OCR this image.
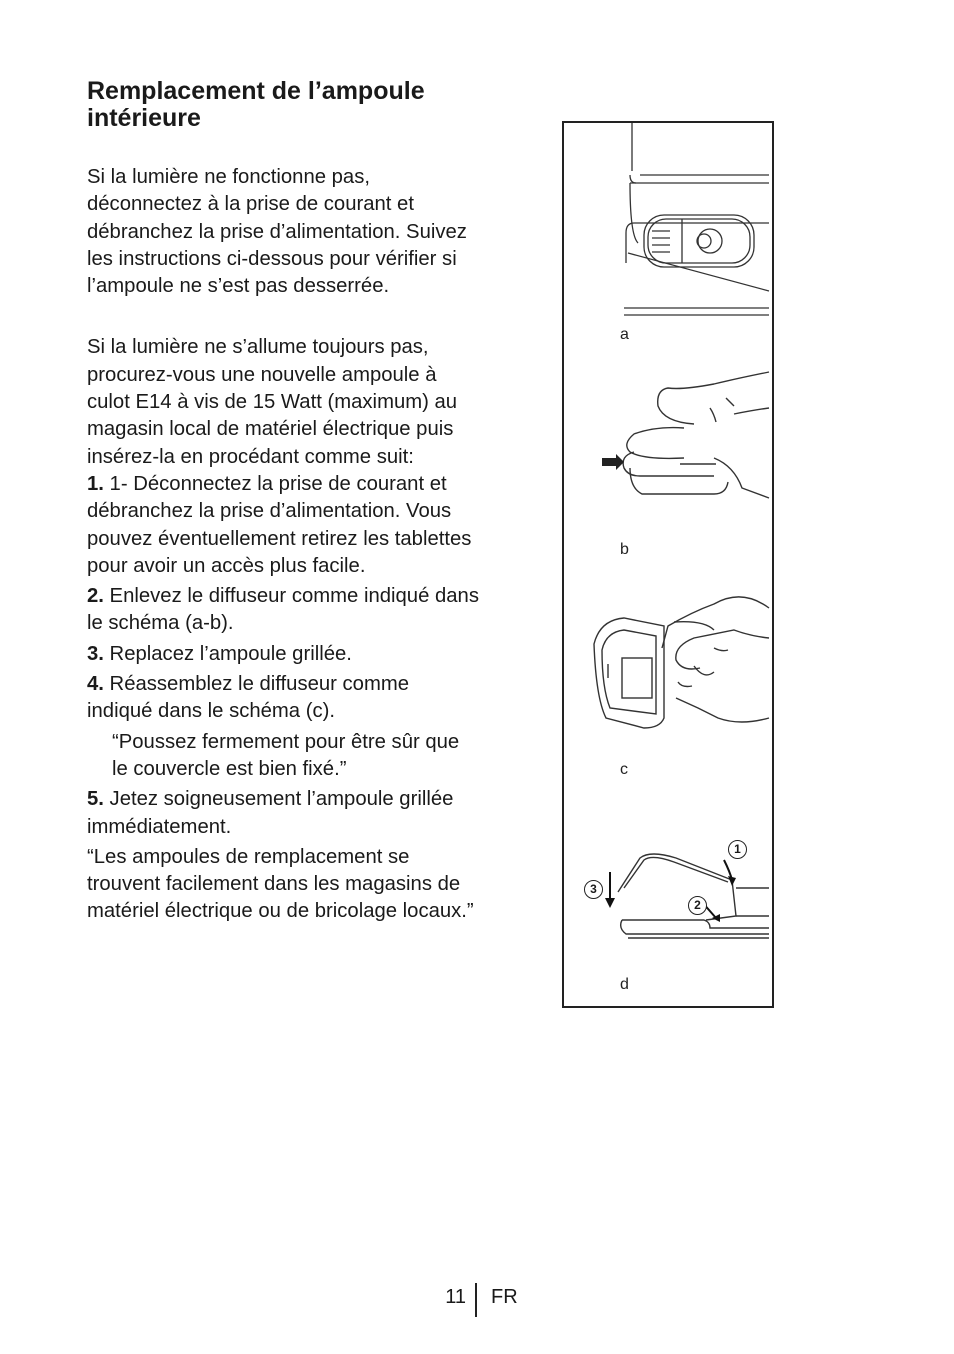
Remplacement de l’ampoule intérieure

Si la lumière ne fonctionne pas, déconnectez à la prise de courant et débranchez la prise d’alimentation. Suivez les instructions ci-dessous pour vérifier si l’ampoule ne s’est pas desserrée.

Si la lumière ne s’allume toujours pas, procurez-vous une nouvelle ampoule à culot E14 à vis de 15 Watt (maximum) au magasin local de matériel électrique puis insérez-la en procédant comme suit:

1. 1- Déconnectez la prise de courant et débranchez la prise d’alimentation. Vous pouvez éventuellement retirez les tablettes pour avoir un accès plus facile.

2. Enlevez le diffuseur comme indiqué dans le schéma (a-b).

3. Replacez l’ampoule grillée.

4. Réassemblez le diffuseur comme indiqué dans le schéma (c).

“Poussez fermement pour être sûr que le couvercle est bien fixé.”

5. Jetez soigneusement l’ampoule grillée immédiatement.

“Les ampoules de remplacement se trouvent facilement dans les magasins de matériel électrique ou de bricolage locaux.”

a
b
c
1
2
3
d
11 FR
